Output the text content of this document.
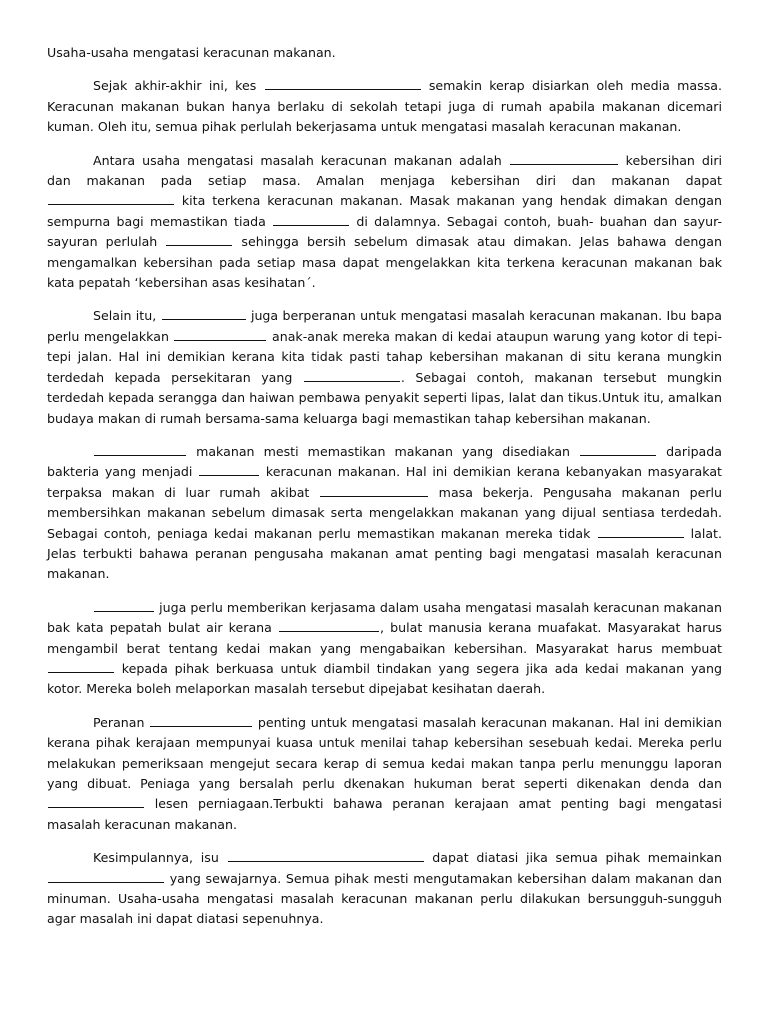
Usaha-usaha mengatasi keracunan makanan.

Sejak akhir-akhir ini, kes	semakin kerap disiarkan oleh media massa. Keracunan makanan bukan hanya berlaku di sekolah tetapi juga di rumah apabila makanan dicemari kuman. Oleh itu, semua pihak perlulah bekerjasama untuk mengatasi masalah keracunan makanan.

Antara usaha mengatasi masalah keracunan makanan adalah	kebersihan diri dan makanan pada setiap masa. Amalan menjaga kebersihan diri dan makanan dapat  kita terkena keracunan makanan. Masak makanan yang hendak dimakan dengan sempurna bagi memastikan tiada	di dalamnya. Sebagai contoh, buah- buahan dan sayur-sayuran perlulah	sehingga bersih sebelum dimasak atau dimakan. Jelas bahawa dengan mengamalkan kebersihan pada setiap masa dapat mengelakkan kita terkena keracunan makanan bak kata pepatah ‘kebersihan asas kesihatan´.

Selain itu,	juga berperanan untuk mengatasi masalah keracunan makanan. Ibu bapa perlu mengelakkan	anak-anak mereka makan di kedai ataupun warung yang kotor di tepi-tepi jalan. Hal ini demikian kerana kita tidak pasti tahap kebersihan makanan di situ kerana mungkin terdedah kepada persekitaran yang	. Sebagai contoh, makanan tersebut mungkin terdedah kepada serangga dan haiwan pembawa penyakit seperti lipas, lalat dan tikus.Untuk itu, amalkan budaya makan di rumah bersama-sama keluarga bagi memastikan tahap kebersihan makanan.

makanan mesti memastikan makanan yang disediakan	daripada bakteria yang menjadi	keracunan makanan. Hal ini demikian kerana kebanyakan masyarakat terpaksa makan di luar rumah akibat	masa bekerja. Pengusaha makanan perlu membersihkan makanan sebelum dimasak serta mengelakkan makanan yang dijual sentiasa terdedah. Sebagai contoh, peniaga kedai makanan perlu memastikan makanan mereka tidak	lalat. Jelas terbukti bahawa peranan pengusaha makanan amat penting bagi mengatasi masalah keracunan makanan.

juga perlu memberikan kerjasama dalam usaha mengatasi masalah keracunan makanan bak kata pepatah bulat air kerana	, bulat manusia kerana muafakat. Masyarakat harus mengambil berat tentang kedai makan yang mengabaikan kebersihan. Masyarakat harus membuat  kepada pihak berkuasa untuk diambil tindakan yang segera jika ada kedai makanan yang kotor. Mereka boleh melaporkan masalah tersebut dipejabat kesihatan daerah.

Peranan	penting untuk mengatasi masalah keracunan makanan. Hal ini demikian kerana pihak kerajaan mempunyai kuasa untuk menilai tahap kebersihan sesebuah kedai. Mereka perlu melakukan pemeriksaan mengejut secara kerap di semua kedai makan tanpa perlu menunggu laporan yang dibuat. Peniaga yang bersalah perlu dkenakan hukuman berat seperti dikenakan denda dan  lesen perniagaan.Terbukti bahawa peranan kerajaan amat penting bagi mengatasi masalah keracunan makanan.

Kesimpulannya, isu	dapat diatasi jika semua pihak memainkan  yang sewajarnya. Semua pihak mesti mengutamakan kebersihan dalam makanan dan minuman. Usaha-usaha mengatasi masalah keracunan makanan perlu dilakukan bersungguh-sungguh agar masalah ini dapat diatasi sepenuhnya.
